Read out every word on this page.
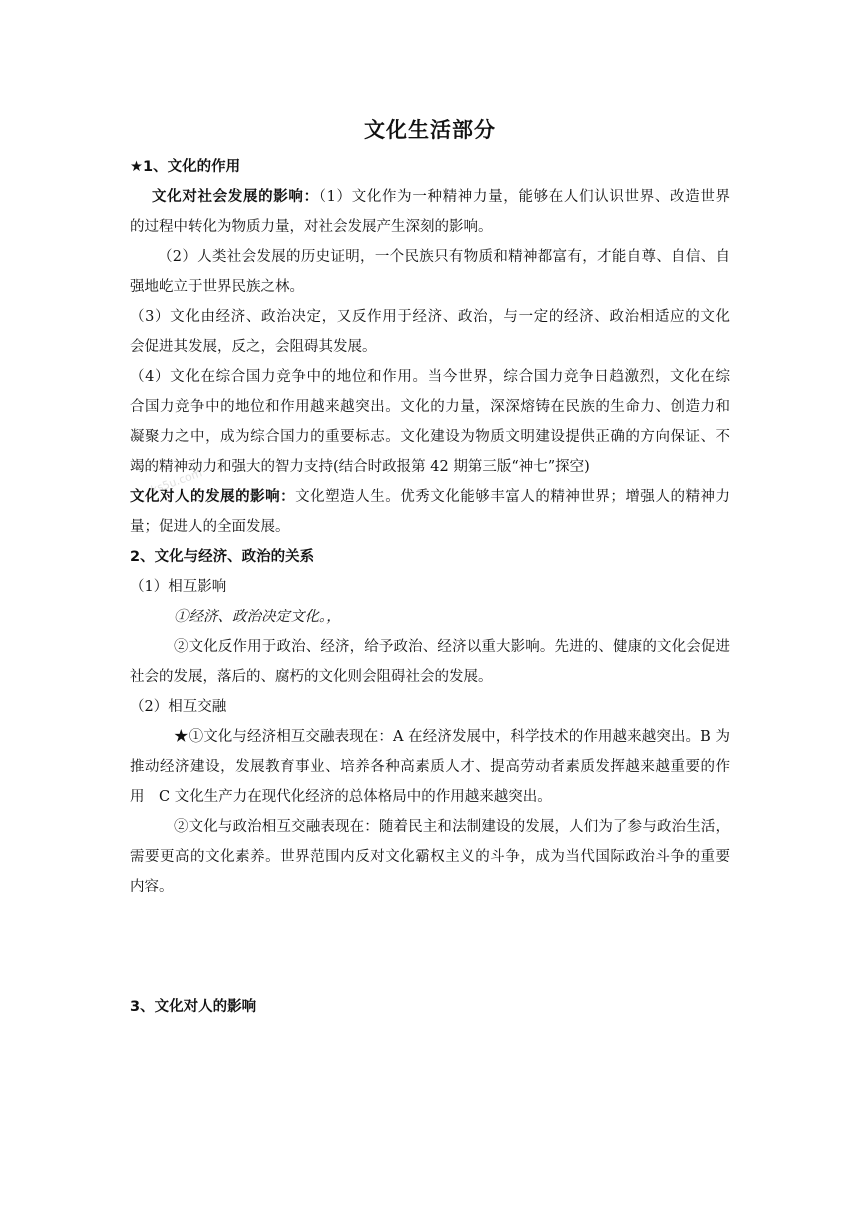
文化生活部分
ks5u.com
★1、文化的作用
文化对社会发展的影响：（1）文化作为一种精神力量，能够在人们认识世界、改造世界
的过程中转化为物质力量，对社会发展产生深刻的影响。
（2）人类社会发展的历史证明，一个民族只有物质和精神都富有，才能自尊、自信、自
强地屹立于世界民族之林。
（3）文化由经济、政治决定，又反作用于经济、政治，与一定的经济、政治相适应的文化
会促进其发展，反之，会阻碍其发展。
（4）文化在综合国力竞争中的地位和作用。当今世界，综合国力竞争日趋激烈，文化在综
合国力竞争中的地位和作用越来越突出。文化的力量，深深熔铸在民族的生命力、创造力和
凝聚力之中，成为综合国力的重要标志。文化建设为物质文明建设提供正确的方向保证、不
竭的精神动力和强大的智力支持(结合时政报第 42 期第三版“神七”探空)
文化对人的发展的影响：文化塑造人生。优秀文化能够丰富人的精神世界；增强人的精神力
量；促进人的全面发展。
2、文化与经济、政治的关系
（1）相互影响
①经济、政治决定文化。，
②文化反作用于政治、经济，给予政治、经济以重大影响。先进的、健康的文化会促进
社会的发展，落后的、腐朽的文化则会阻碍社会的发展。
（2）相互交融
★①文化与经济相互交融表现在：A 在经济发展中，科学技术的作用越来越突出。B 为
推动经济建设，发展教育事业、培养各种高素质人才、提高劳动者素质发挥越来越重要的作
用　C 文化生产力在现代化经济的总体格局中的作用越来越突出。
②文化与政治相互交融表现在：随着民主和法制建设的发展，人们为了参与政治生活，
需要更高的文化素养。世界范围内反对文化霸权主义的斗争，成为当代国际政治斗争的重要
内容。
3、文化对人的影响
